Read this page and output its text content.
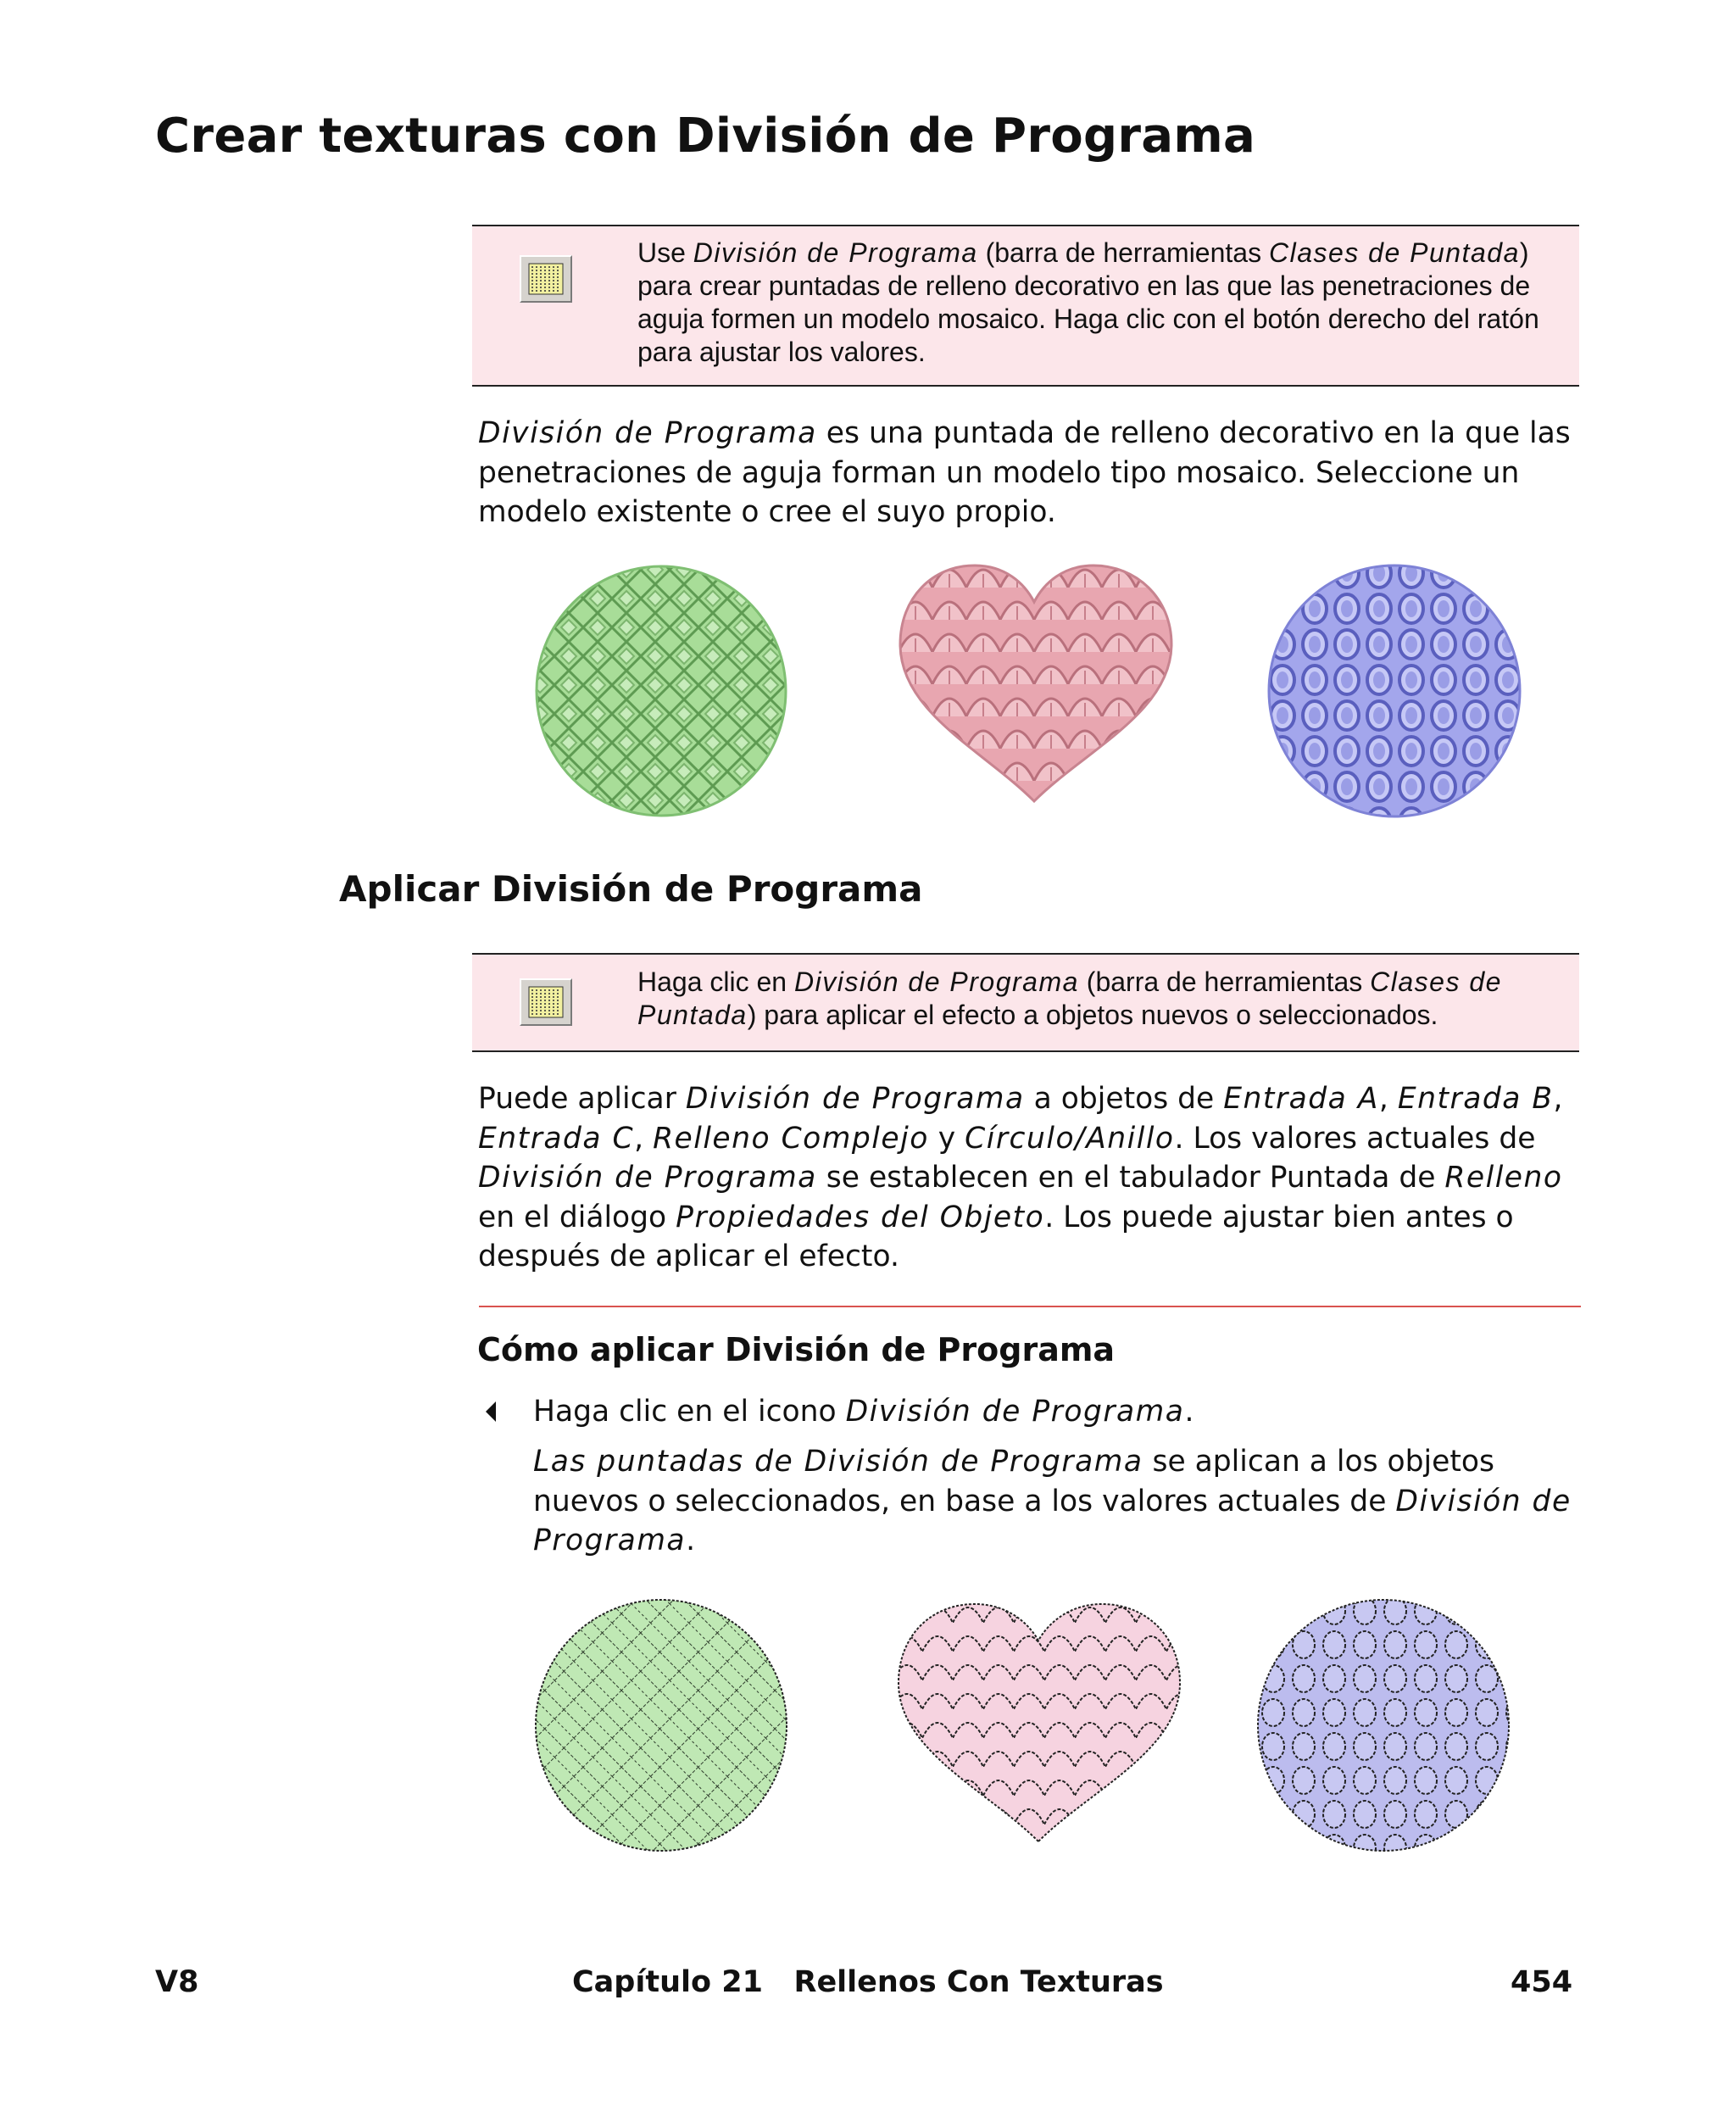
Crear texturas con División de Programa
Use División de Programa (barra de herramientas Clases de Puntada) para crear puntadas de relleno decorativo en las que las penetraciones de aguja formen un modelo mosaico. Haga clic con el botón derecho del ratón para ajustar los valores.
División de Programa es una puntada de relleno decorativo en la que las penetraciones de aguja forman un modelo tipo mosaico. Seleccione un modelo existente o cree el suyo propio.
Aplicar División de Programa
Haga clic en División de Programa (barra de herramientas Clases de Puntada) para aplicar el efecto a objetos nuevos o seleccionados.
Puede aplicar División de Programa a objetos de Entrada A, Entrada B, Entrada C, Relleno Complejo y Círculo/Anillo. Los valores actuales de División de Programa se establecen en el tabulador Puntada de Relleno en el diálogo Propiedades del Objeto. Los puede ajustar bien antes o después de aplicar el efecto.
Cómo aplicar División de Programa
Haga clic en el icono División de Programa.
Las puntadas de División de Programa se aplican a los objetos nuevos o seleccionados, en base a los valores actuales de División de Programa.
V8	Capítulo 21   Rellenos Con Texturas	454
